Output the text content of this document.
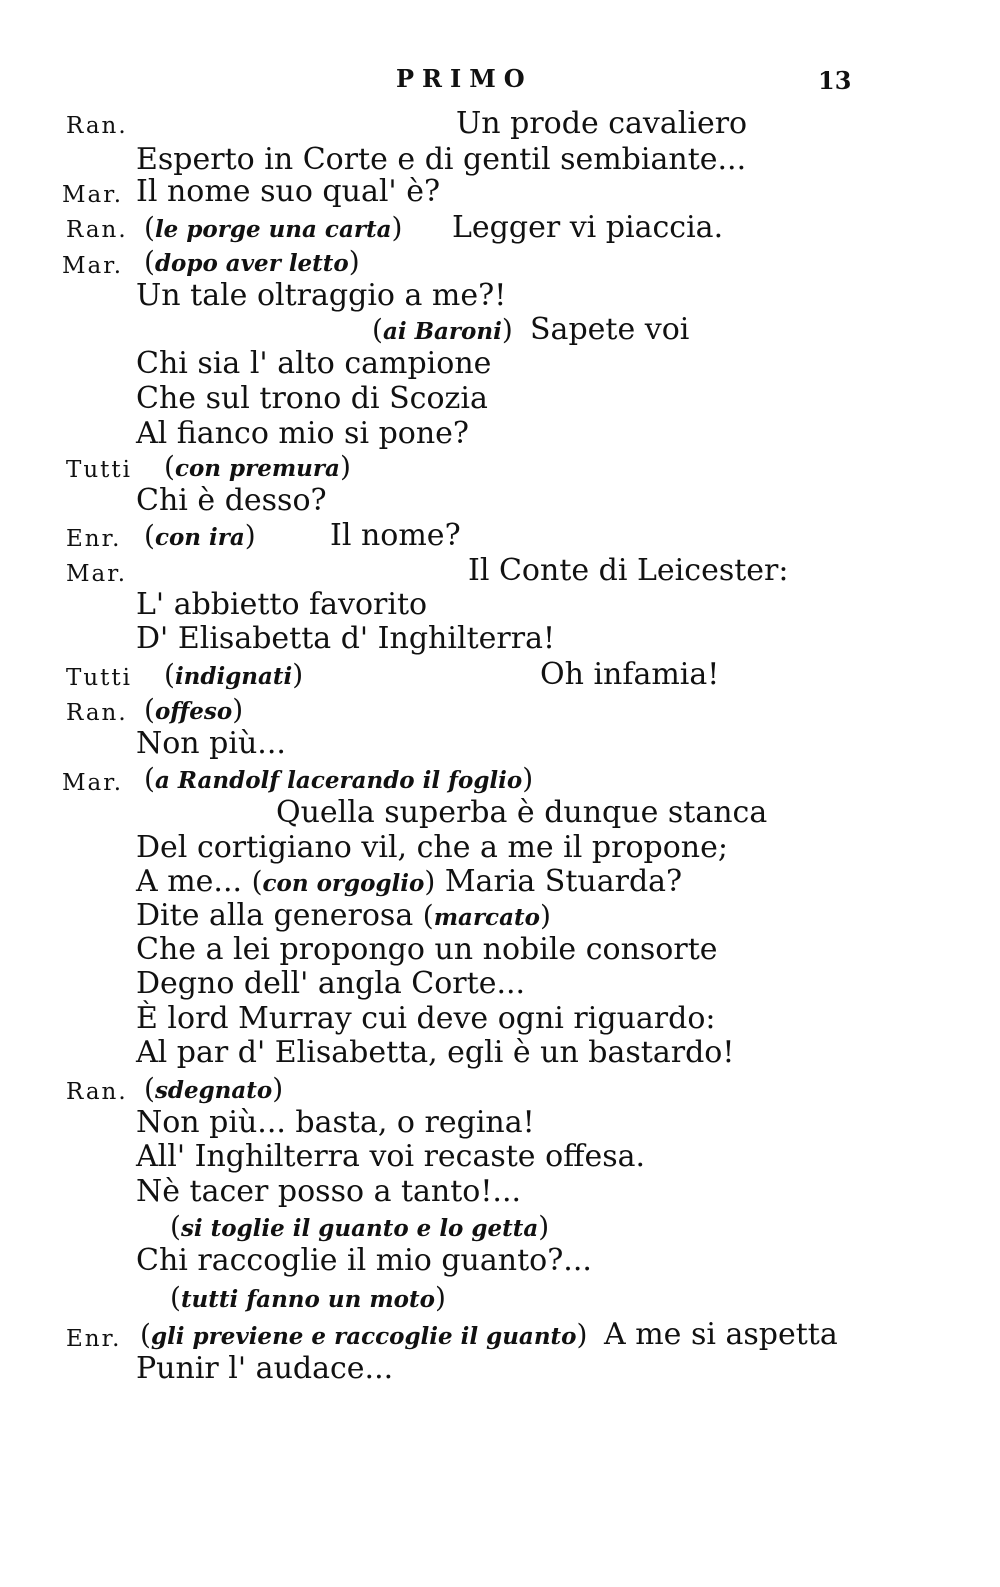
PRIMO	13
Ran.	Un prode cavaliero
Esperto in Corte e di gentil sembiante...
Mar. Il nome suo qual' è?
Ran. (le porge una carta) Legger vi piaccia.
Mar. (dopo aver letto)
Un tale oltraggio a me?!
(ai Baroni) Sapete voi
Chi sia l' alto campione
Che sul trono di Scozia
Al fianco mio si pone?
Tutti (con premura)
Chi è desso?
Enr. (con ira) Il nome?
Mar.	Il Conte di Leicester:
L' abbietto favorito
D' Elisabetta d' Inghilterra!
Tutti (indignati)	Oh infamia!
Ran. (offeso)
Non più...
Mar. (a Randolf lacerando il foglio)
Quella superba è dunque stanca
Del cortigiano vil, che a me il propone;
A me... (con orgoglio) Maria Stuarda?
Dite alla generosa (marcato)
Che a lei propongo un nobile consorte
Degno dell' angla Corte...
È lord Murray cui deve ogni riguardo:
Al par d' Elisabetta, egli è un bastardo!
Ran. (sdegnato)
Non più... basta, o regina!
All' Inghilterra voi recaste offesa.
Nè tacer posso a tanto!...
(si toglie il guanto e lo getta)
Chi raccoglie il mio guanto?...
(tutti fanno un moto)
Enr. (gli previene e raccoglie il guanto) A me si aspetta
Punir l' audace...
